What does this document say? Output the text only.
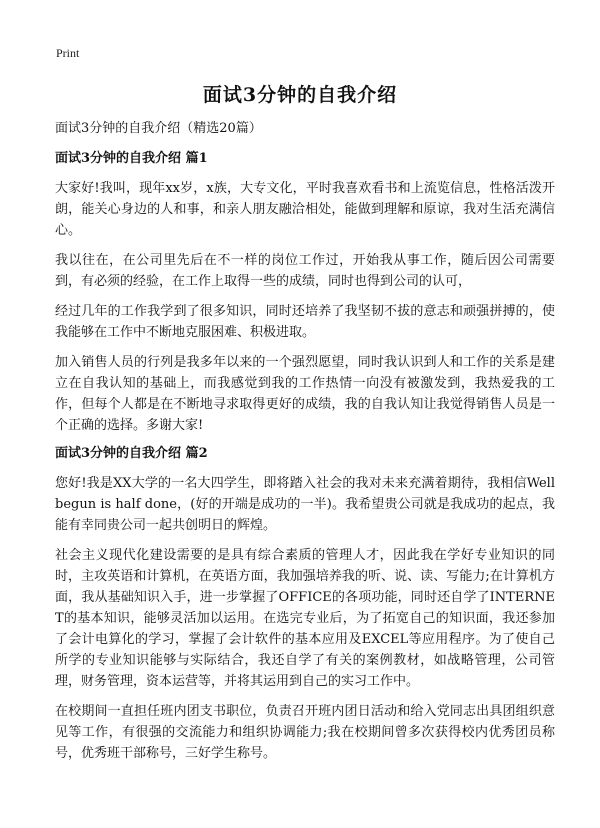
Print
面试3分钟的自我介绍

面试3分钟的自我介绍（精选20篇）

面试3分钟的自我介绍 篇1

大家好!我叫，现年xx岁，x族，大专文化，平时我喜欢看书和上流览信息，性格活泼开朗，能关心身边的人和事，和亲人朋友融洽相处，能做到理解和原谅，我对生活充满信心。

我以往在，在公司里先后在不一样的岗位工作过，开始我从事工作，随后因公司需要到，有必须的经验，在工作上取得一些的成绩，同时也得到公司的认可，

经过几年的工作我学到了很多知识，同时还培养了我坚韧不拔的意志和顽强拼搏的，使我能够在工作中不断地克服困难、积极进取。

加入销售人员的行列是我多年以来的一个强烈愿望，同时我认识到人和工作的关系是建立在自我认知的基础上，而我感觉到我的工作热情一向没有被激发到，我热爱我的工作，但每个人都是在不断地寻求取得更好的成绩，我的自我认知让我觉得销售人员是一个正确的选择。多谢大家!

面试3分钟的自我介绍 篇2

您好!我是XX大学的一名大四学生，即将踏入社会的我对未来充满着期待，我相信Well begun is half done，(好的开端是成功的一半)。我希望贵公司就是我成功的起点，我能有幸同贵公司一起共创明日的辉煌。

社会主义现代化建设需要的是具有综合素质的管理人才，因此我在学好专业知识的同时，主攻英语和计算机，在英语方面，我加强培养我的听、说、读、写能力;在计算机方面，我从基础知识入手，进一步掌握了OFFICE的各项功能，同时还自学了INTERNET的基本知识，能够灵活加以运用。在选完专业后，为了拓宽自己的知识面，我还参加了会计电算化的学习，掌握了会计软件的基本应用及EXCEL等应用程序。为了使自己所学的专业知识能够与实际结合，我还自学了有关的案例教材，如战略管理，公司管理，财务管理，资本运营等，并将其运用到自己的实习工作中。

在校期间一直担任班内团支书职位，负责召开班内团日活动和给入党同志出具团组织意见等工作，有很强的交流能力和组织协调能力;我在校期间曾多次获得校内优秀团员称号，优秀班干部称号，三好学生称号。
